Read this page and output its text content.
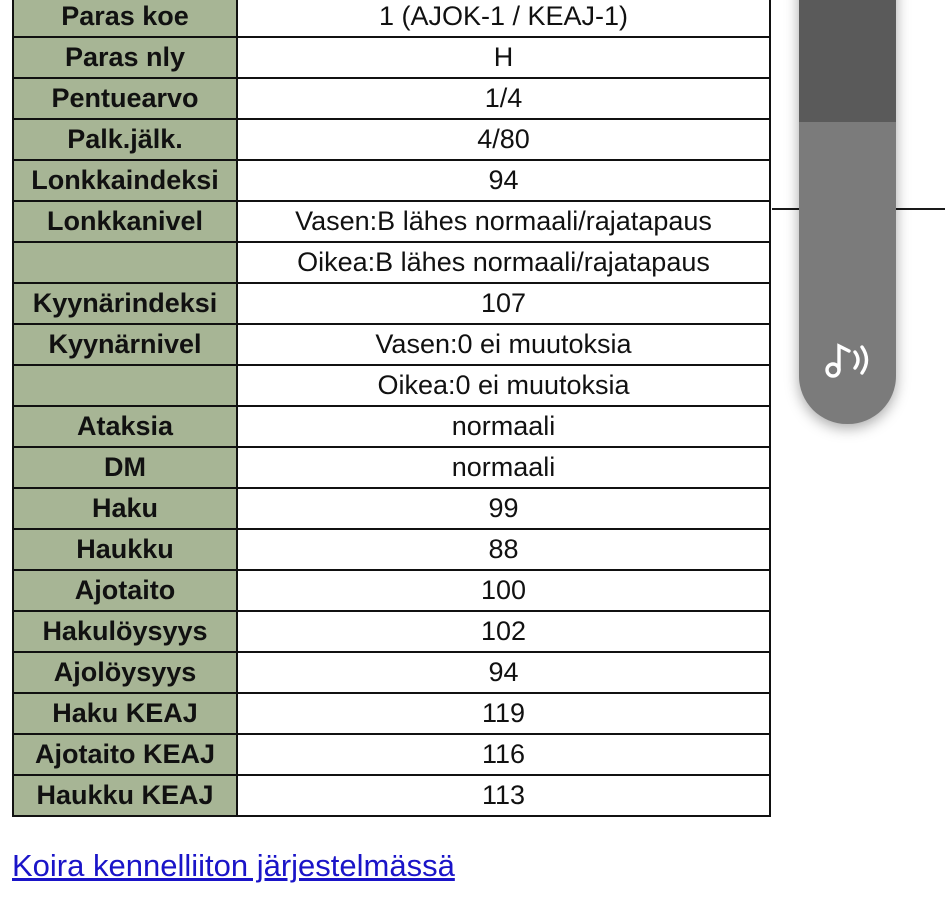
Paras koe	1 (AJOK-1 / KEAJ-1)
Paras nly	H
Pentuearvo	1/4
Palk.jälk.	4/80
Lonkkaindeksi	94
Lonkkanivel	Vasen:B lähes normaali/rajatapaus
	Oikea:B lähes normaali/rajatapaus
Kyynärindeksi	107
Kyynärnivel	Vasen:0 ei muutoksia
	Oikea:0 ei muutoksia
Ataksia	normaali
DM	normaali
Haku	99
Haukku	88
Ajotaito	100
Hakulöysyys	102
Ajolöysyys	94
Haku KEAJ	119
Ajotaito KEAJ	116
Haukku KEAJ	113
Koira kennelliiton järjestelmässä
